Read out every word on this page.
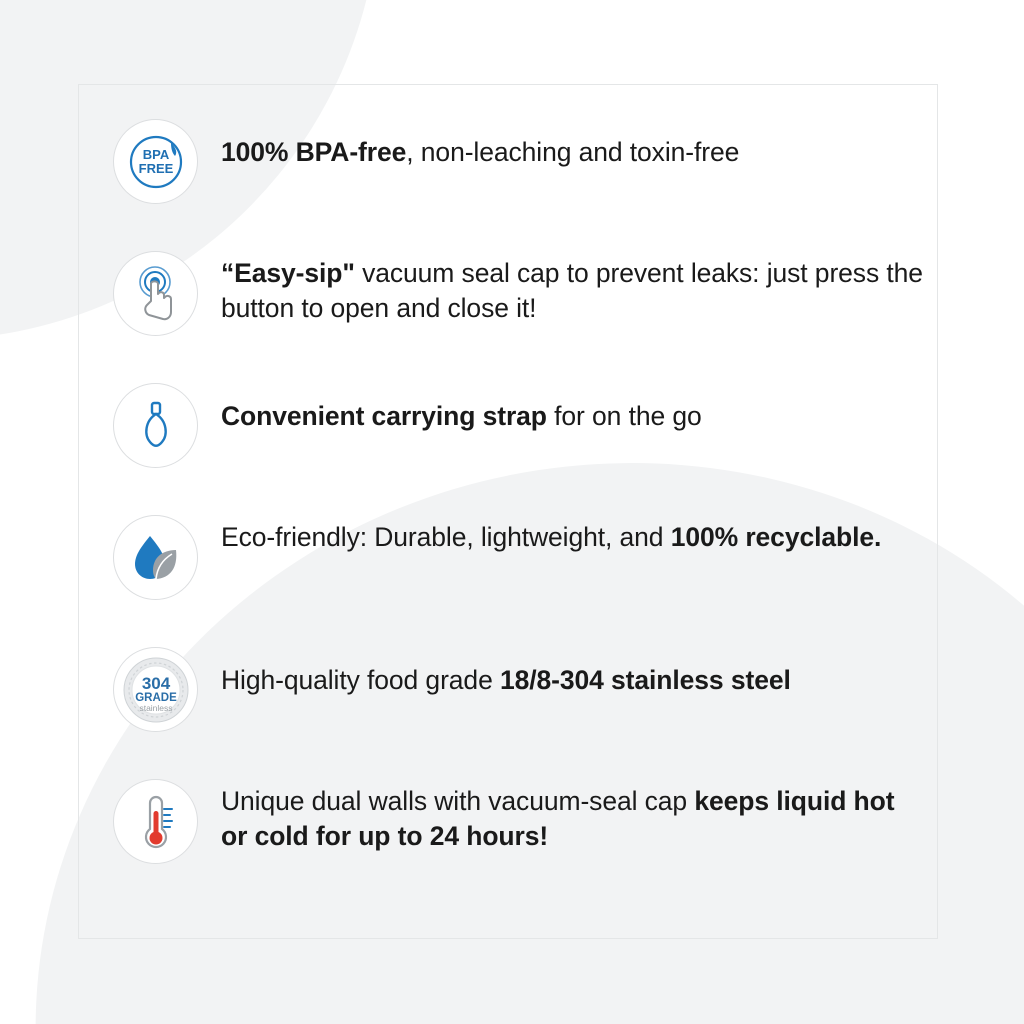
BPA
FREE
100% BPA-free, non-leaching and toxin-free
“Easy-sip" vacuum seal cap to prevent leaks: just press the button to open and close it!
Convenient carrying strap for on the go
Eco-friendly: Durable, lightweight, and 100% recyclable.
304
GRADE
stainless
High-quality food grade 18/8-304 stainless steel
Unique dual walls with vacuum-seal cap keeps liquid hot or cold for up to 24 hours!
